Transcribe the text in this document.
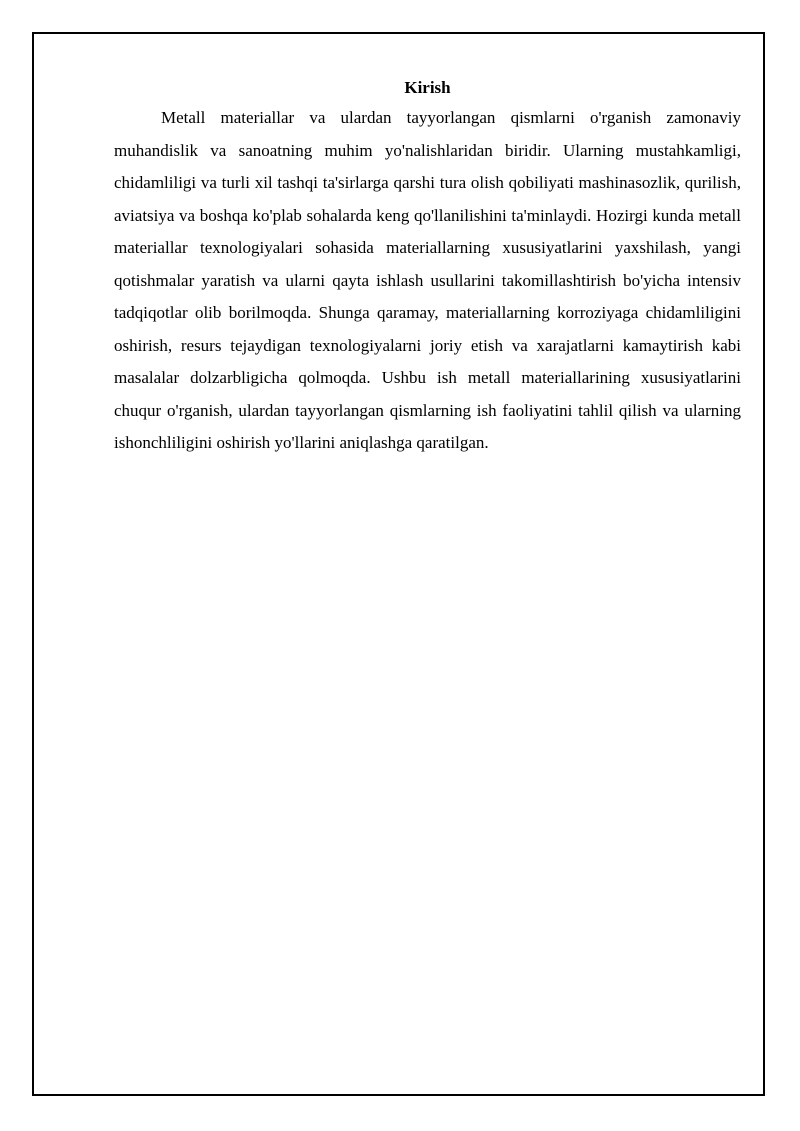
Kirish

Metall materiallar va ulardan tayyorlangan qismlarni o'rganish zamonaviy muhandislik va sanoatning muhim yo'nalishlaridan biridir. Ularning mustahkamligi, chidamliligi va turli xil tashqi ta'sirlarga qarshi tura olish qobiliyati mashinasozlik, qurilish, aviatsiya va boshqa ko'plab sohalarda keng qo'llanilishini ta'minlaydi. Hozirgi kunda metall materiallar texnologiyalari sohasida materiallarning xususiyatlarini yaxshilash, yangi qotishmalar yaratish va ularni qayta ishlash usullarini takomillashtirish bo'yicha intensiv tadqiqotlar olib borilmoqda. Shunga qaramay, materiallarning korroziyaga chidamliligini oshirish, resurs tejaydigan texnologiyalarni joriy etish va xarajatlarni kamaytirish kabi masalalar dolzarbligicha qolmoqda. Ushbu ish metall materiallarining xususiyatlarini chuqur o'rganish, ulardan tayyorlangan qismlarning ish faoliyatini tahlil qilish va ularning ishonchliligini oshirish yo'llarini aniqlashga qaratilgan.
